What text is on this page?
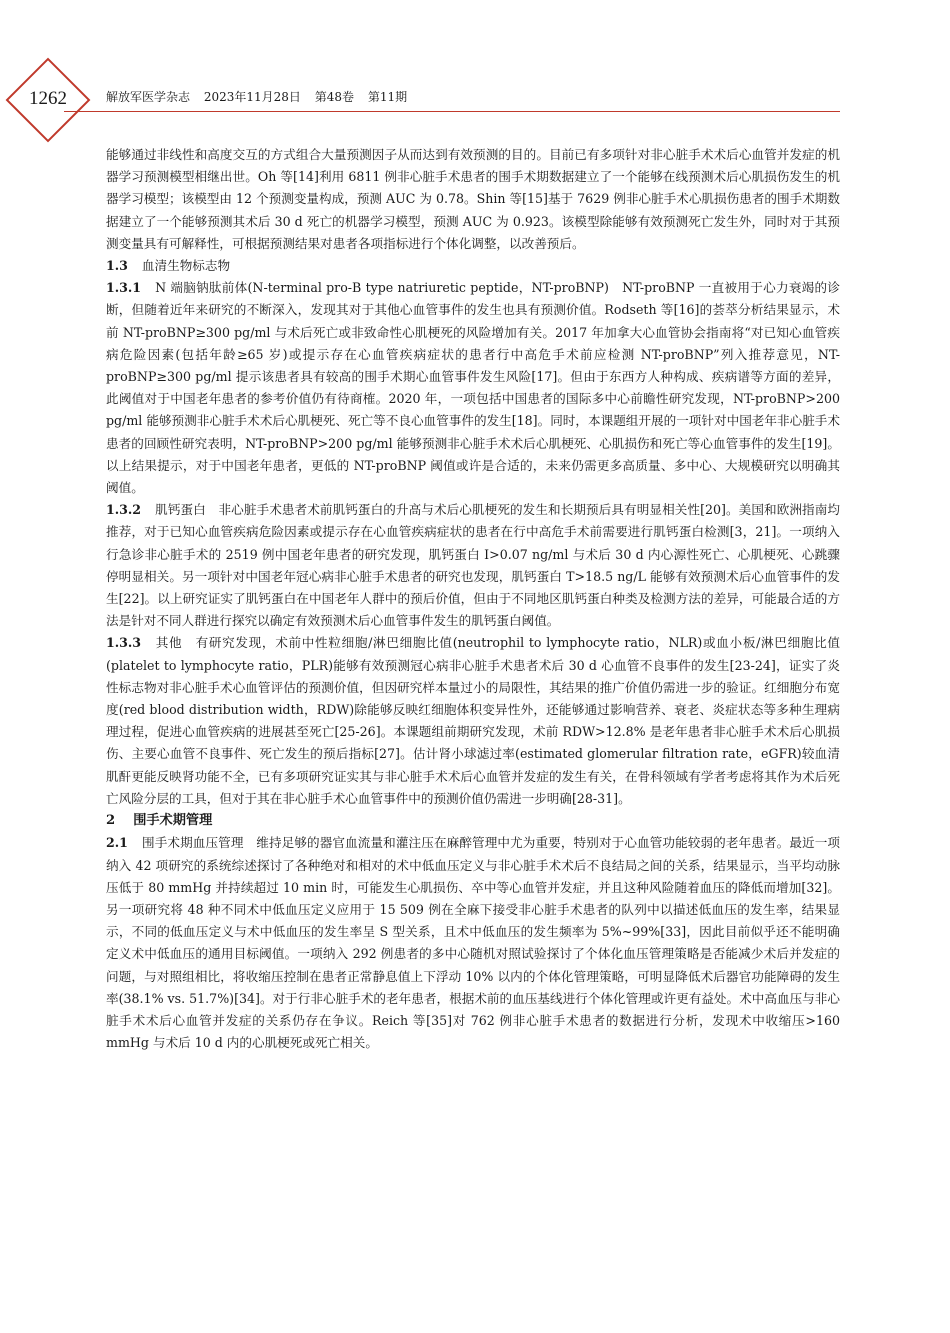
1262	解放军医学杂志 2023年11月28日 第48卷 第11期

能够通过非线性和高度交互的方式组合大量预测因子从而达到有效预测的目的。目前已有多项针对非心脏手术术后心血管并发症的机器学习预测模型相继出世。Oh 等[14]利用 6811 例非心脏手术患者的围手术期数据建立了一个能够在线预测术后心肌损伤发生的机器学习模型；该模型由 12 个预测变量构成，预测 AUC 为 0.78。Shin 等[15]基于 7629 例非心脏手术心肌损伤患者的围手术期数据建立了一个能够预测其术后 30 d 死亡的机器学习模型，预测 AUC 为 0.923。该模型除能够有效预测死亡发生外，同时对于其预测变量具有可解释性，可根据预测结果对患者各项指标进行个体化调整，以改善预后。

1.3 血清生物标志物

1.3.1 N 端脑钠肽前体(N-terminal pro-B type natriuretic peptide，NT-proBNP)　NT-proBNP 一直被用于心力衰竭的诊断，但随着近年来研究的不断深入，发现其对于其他心血管事件的发生也具有预测价值。Rodseth 等[16]的荟萃分析结果显示，术前 NT-proBNP≥300 pg/ml 与术后死亡或非致命性心肌梗死的风险增加有关。2017 年加拿大心血管协会指南将“对已知心血管疾病危险因素(包括年龄≥65 岁)或提示存在心血管疾病症状的患者行中高危手术前应检测 NT-proBNP”列入推荐意见，NT-proBNP≥300 pg/ml 提示该患者具有较高的围手术期心血管事件发生风险[17]。但由于东西方人种构成、疾病谱等方面的差异，此阈值对于中国老年患者的参考价值仍有待商榷。2020 年，一项包括中国患者的国际多中心前瞻性研究发现，NT-proBNP>200 pg/ml 能够预测非心脏手术术后心肌梗死、死亡等不良心血管事件的发生[18]。同时，本课题组开展的一项针对中国老年非心脏手术患者的回顾性研究表明，NT-proBNP>200 pg/ml 能够预测非心脏手术术后心肌梗死、心肌损伤和死亡等心血管事件的发生[19]。以上结果提示，对于中国老年患者，更低的 NT-proBNP 阈值或许是合适的，未来仍需更多高质量、多中心、大规模研究以明确其阈值。

1.3.2 肌钙蛋白　非心脏手术患者术前肌钙蛋白的升高与术后心肌梗死的发生和长期预后具有明显相关性[20]。美国和欧洲指南均推荐，对于已知心血管疾病危险因素或提示存在心血管疾病症状的患者在行中高危手术前需要进行肌钙蛋白检测[3，21]。一项纳入行急诊非心脏手术的 2519 例中国老年患者的研究发现，肌钙蛋白 I>0.07 ng/ml 与术后 30 d 内心源性死亡、心肌梗死、心跳骤停明显相关。另一项针对中国老年冠心病非心脏手术患者的研究也发现，肌钙蛋白 T>18.5 ng/L 能够有效预测术后心血管事件的发生[22]。以上研究证实了肌钙蛋白在中国老年人群中的预后价值，但由于不同地区肌钙蛋白种类及检测方法的差异，可能最合适的方法是针对不同人群进行探究以确定有效预测术后心血管事件发生的肌钙蛋白阈值。

1.3.3 其他　有研究发现，术前中性粒细胞/淋巴细胞比值(neutrophil to lymphocyte ratio，NLR)或血小板/淋巴细胞比值(platelet to lymphocyte ratio，PLR)能够有效预测冠心病非心脏手术患者术后 30 d 心血管不良事件的发生[23-24]，证实了炎性标志物对非心脏手术心血管评估的预测价值，但因研究样本量过小的局限性，其结果的推广价值仍需进一步的验证。红细胞分布宽度(red blood distribution width，RDW)除能够反映红细胞体积变异性外，还能够通过影响营养、衰老、炎症状态等多种生理病理过程，促进心血管疾病的进展甚至死亡[25-26]。本课题组前期研究发现，术前 RDW>12.8% 是老年患者非心脏手术术后心肌损伤、主要心血管不良事件、死亡发生的预后指标[27]。估计肾小球滤过率(estimated glomerular filtration rate，eGFR)较血清肌酐更能反映肾功能不全，已有多项研究证实其与非心脏手术术后心血管并发症的发生有关，在骨科领域有学者考虑将其作为术后死亡风险分层的工具，但对于其在非心脏手术心血管事件中的预测价值仍需进一步明确[28-31]。

2 围手术期管理

2.1 围手术期血压管理　维持足够的器官血流量和灌注压在麻醉管理中尤为重要，特别对于心血管功能较弱的老年患者。最近一项纳入 42 项研究的系统综述探讨了各种绝对和相对的术中低血压定义与非心脏手术术后不良结局之间的关系，结果显示，当平均动脉压低于 80 mmHg 并持续超过 10 min 时，可能发生心肌损伤、卒中等心血管并发症，并且这种风险随着血压的降低而增加[32]。另一项研究将 48 种不同术中低血压定义应用于 15 509 例在全麻下接受非心脏手术患者的队列中以描述低血压的发生率，结果显示，不同的低血压定义与术中低血压的发生率呈 S 型关系，且术中低血压的发生频率为 5%~99%[33]，因此目前似乎还不能明确定义术中低血压的通用目标阈值。一项纳入 292 例患者的多中心随机对照试验探讨了个体化血压管理策略是否能减少术后并发症的问题，与对照组相比，将收缩压控制在患者正常静息值上下浮动 10% 以内的个体化管理策略，可明显降低术后器官功能障碍的发生率(38.1% vs. 51.7%)[34]。对于行非心脏手术的老年患者，根据术前的血压基线进行个体化管理或许更有益处。术中高血压与非心脏手术术后心血管并发症的关系仍存在争议。Reich 等[35]对 762 例非心脏手术患者的数据进行分析，发现术中收缩压>160 mmHg 与术后 10 d 内的心肌梗死或死亡相关。
